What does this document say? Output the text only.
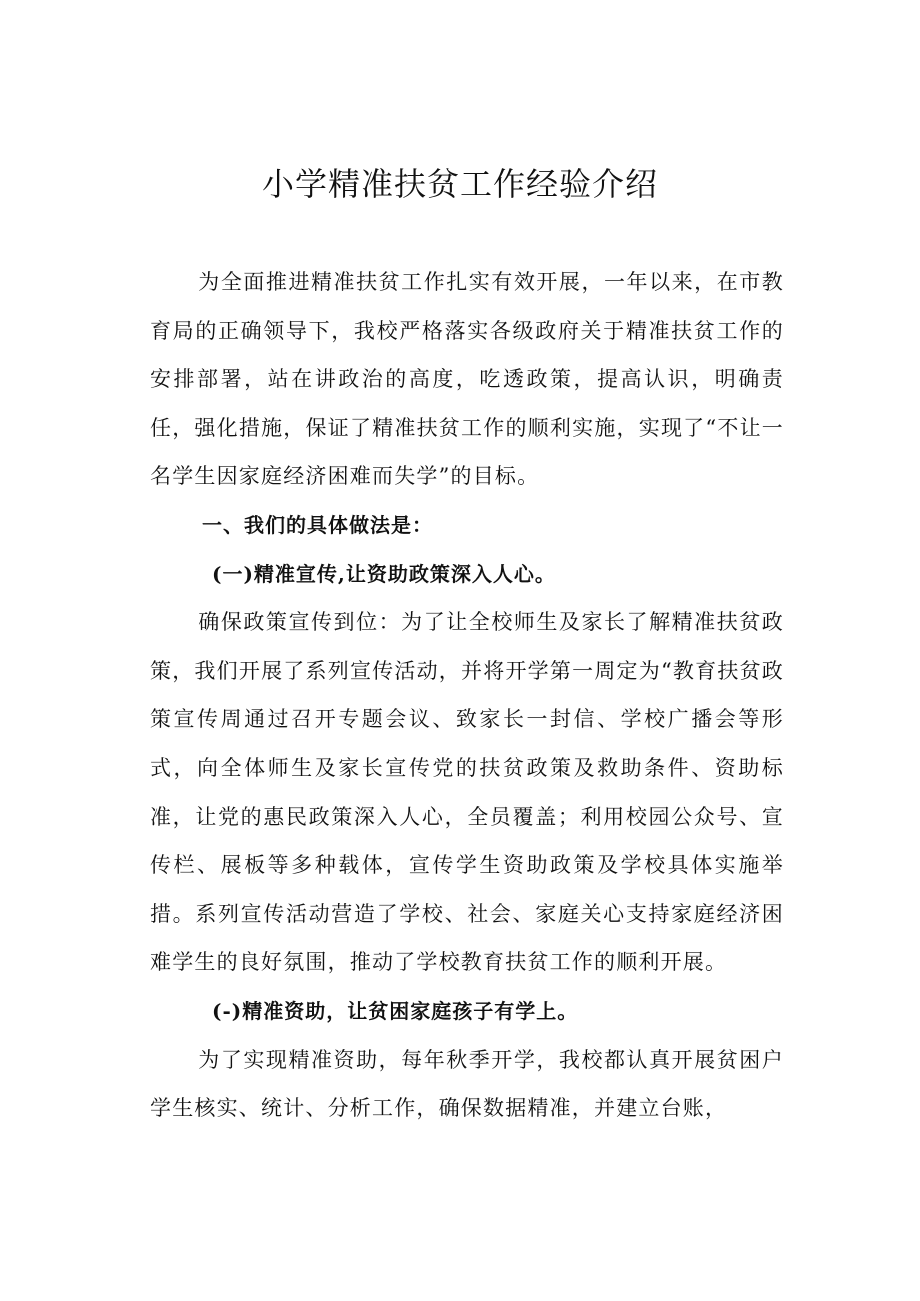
小学精准扶贫工作经验介绍

为全面推进精准扶贫工作扎实有效开展，一年以来，在市教育局的正确领导下，我校严格落实各级政府关于精准扶贫工作的安排部署，站在讲政治的高度，吃透政策，提高认识，明确责任，强化措施，保证了精准扶贫工作的顺利实施，实现了“不让一名学生因家庭经济困难而失学”的目标。

一、我们的具体做法是：

(一)精准宣传,让资助政策深入人心。

确保政策宣传到位：为了让全校师生及家长了解精准扶贫政策，我们开展了系列宣传活动，并将开学第一周定为“教育扶贫政策宣传周通过召开专题会议、致家长一封信、学校广播会等形式，向全体师生及家长宣传党的扶贫政策及救助条件、资助标准，让党的惠民政策深入人心，全员覆盖；利用校园公众号、宣传栏、展板等多种载体，宣传学生资助政策及学校具体实施举措。系列宣传活动营造了学校、社会、家庭关心支持家庭经济困难学生的良好氛围，推动了学校教育扶贫工作的顺利开展。

(-)精准资助，让贫困家庭孩子有学上。

为了实现精准资助，每年秋季开学，我校都认真开展贫困户学生核实、统计、分析工作，确保数据精准，并建立台账，
